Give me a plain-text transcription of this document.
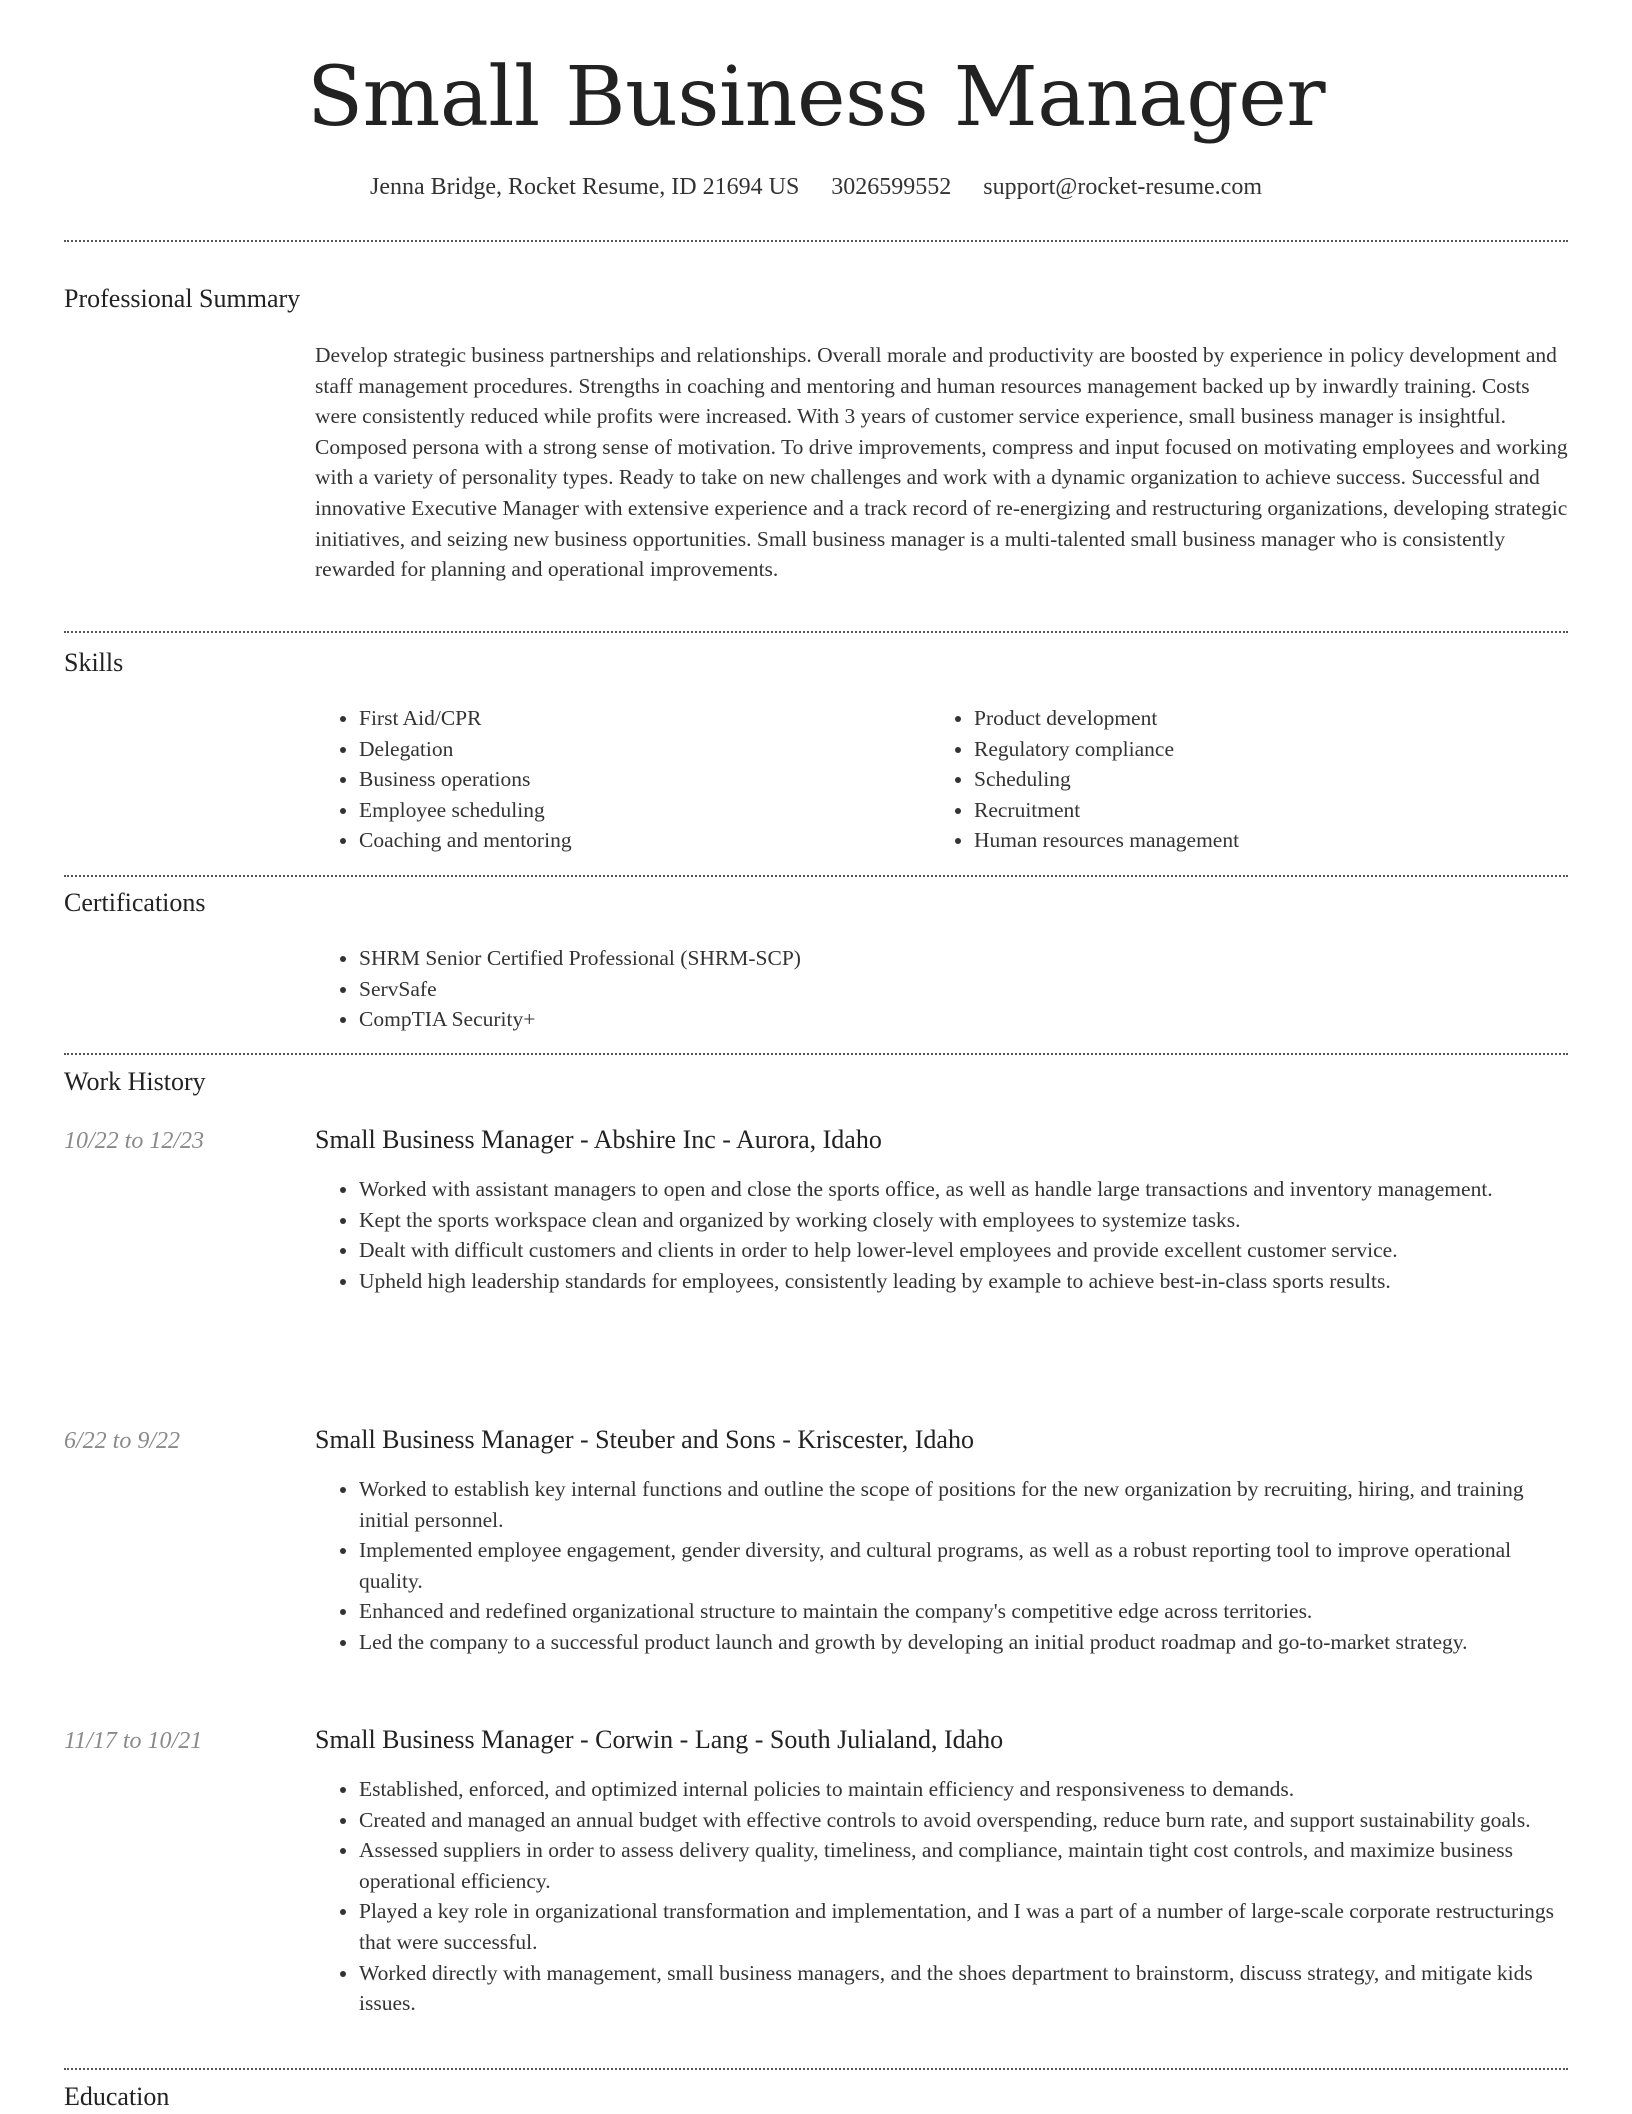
Small Business Manager
Jenna Bridge, Rocket Resume, ID 21694 US 3026599552 support@rocket-resume.com
Professional Summary

Develop strategic business partnerships and relationships. Overall morale and productivity are boosted by experience in policy development and staff management procedures. Strengths in coaching and mentoring and human resources management backed up by inwardly training. Costs were consistently reduced while profits were increased. With 3 years of customer service experience, small business manager is insightful. Composed persona with a strong sense of motivation. To drive improvements, compress and input focused on motivating employees and working with a variety of personality types. Ready to take on new challenges and work with a dynamic organization to achieve success. Successful and innovative Executive Manager with extensive experience and a track record of re-energizing and restructuring organizations, developing strategic initiatives, and seizing new business opportunities. Small business manager is a multi-talented small business manager who is consistently rewarded for planning and operational improvements.

Skills
• First Aid/CPR
• Delegation
• Business operations
• Employee scheduling
• Coaching and mentoring
• Product development
• Regulatory compliance
• Scheduling
• Recruitment
• Human resources management
Certifications
• SHRM Senior Certified Professional (SHRM-SCP)
• ServSafe
• CompTIA Security+
Work History
10/22 to 12/23	Small Business Manager - Abshire Inc - Aurora, Idaho
• Worked with assistant managers to open and close the sports office, as well as handle large transactions and inventory management.
• Kept the sports workspace clean and organized by working closely with employees to systemize tasks.
• Dealt with difficult customers and clients in order to help lower-level employees and provide excellent customer service.
• Upheld high leadership standards for employees, consistently leading by example to achieve best-in-class sports results.
6/22 to 9/22	Small Business Manager - Steuber and Sons - Kriscester, Idaho
• Worked to establish key internal functions and outline the scope of positions for the new organization by recruiting, hiring, and training initial personnel.
• Implemented employee engagement, gender diversity, and cultural programs, as well as a robust reporting tool to improve operational quality.
• Enhanced and redefined organizational structure to maintain the company's competitive edge across territories.
• Led the company to a successful product launch and growth by developing an initial product roadmap and go-to-market strategy.
11/17 to 10/21	Small Business Manager - Corwin - Lang - South Julialand, Idaho
• Established, enforced, and optimized internal policies to maintain efficiency and responsiveness to demands.
• Created and managed an annual budget with effective controls to avoid overspending, reduce burn rate, and support sustainability goals.
• Assessed suppliers in order to assess delivery quality, timeliness, and compliance, maintain tight cost controls, and maximize business operational efficiency.
• Played a key role in organizational transformation and implementation, and I was a part of a number of large-scale corporate restructurings that were successful.
• Worked directly with management, small business managers, and the shoes department to brainstorm, discuss strategy, and mitigate kids issues.
Education
